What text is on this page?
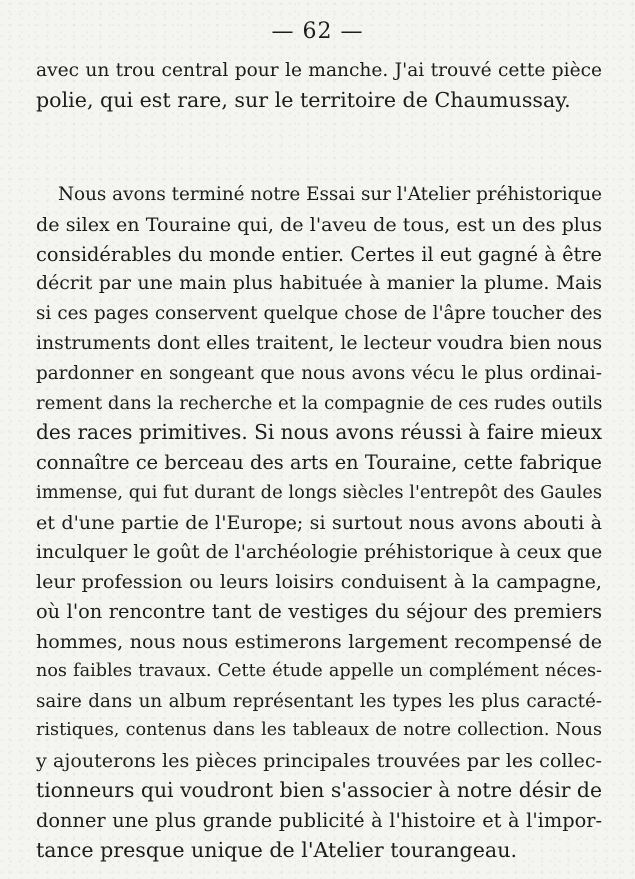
— 62 —
avec un trou central pour le manche. J'ai trouvé cette pièce
polie, qui est rare, sur le territoire de Chaumussay.
Nous avons terminé notre Essai sur l'Atelier préhistorique
de silex en Touraine qui, de l'aveu de tous, est un des plus
considérables du monde entier. Certes il eut gagné à être
décrit par une main plus habituée à manier la plume. Mais
si ces pages conservent quelque chose de l'âpre toucher des
instruments dont elles traitent, le lecteur voudra bien nous
pardonner en songeant que nous avons vécu le plus ordinai-
rement dans la recherche et la compagnie de ces rudes outils
des races primitives. Si nous avons réussi à faire mieux
connaître ce berceau des arts en Touraine, cette fabrique
immense, qui fut durant de longs siècles l'entrepôt des Gaules
et d'une partie de l'Europe; si surtout nous avons abouti à
inculquer le goût de l'archéologie préhistorique à ceux que
leur profession ou leurs loisirs conduisent à la campagne,
où l'on rencontre tant de vestiges du séjour des premiers
hommes, nous nous estimerons largement recompensé de
nos faibles travaux. Cette étude appelle un complément néces-
saire dans un album représentant les types les plus caracté-
ristiques, contenus dans les tableaux de notre collection. Nous
y ajouterons les pièces principales trouvées par les collec-
tionneurs qui voudront bien s'associer à notre désir de
donner une plus grande publicité à l'histoire et à l'impor-
tance presque unique de l'Atelier tourangeau.
